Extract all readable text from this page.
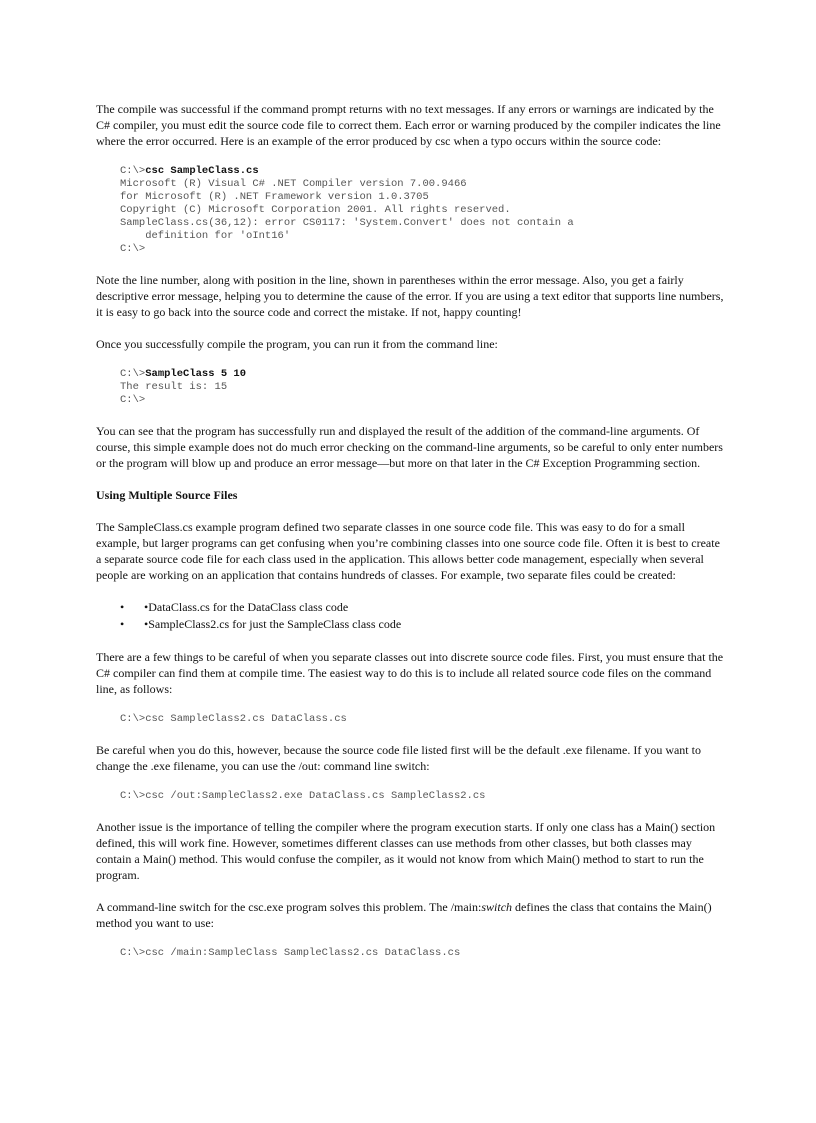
The compile was successful if the command prompt returns with no text messages. If any errors or warnings are indicated by the C# compiler, you must edit the source code file to correct them. Each error or warning produced by the compiler indicates the line where the error occurred. Here is an example of the error produced by csc when a typo occurs within the source code:

C:\>csc SampleClass.cs
Microsoft (R) Visual C# .NET Compiler version 7.00.9466
for Microsoft (R) .NET Framework version 1.0.3705
Copyright (C) Microsoft Corporation 2001. All rights reserved.
SampleClass.cs(36,12): error CS0117: 'System.Convert' does not contain a
definition for 'oInt16'
C:\>

Note the line number, along with position in the line, shown in parentheses within the error message. Also, you get a fairly descriptive error message, helping you to determine the cause of the error. If you are using a text editor that supports line numbers, it is easy to go back into the source code and correct the mistake. If not, happy counting!

Once you successfully compile the program, you can run it from the command line:

C:\>SampleClass 5 10
The result is: 15
C:\>

You can see that the program has successfully run and displayed the result of the addition of the command-line arguments. Of course, this simple example does not do much error checking on the command-line arguments, so be careful to only enter numbers or the program will blow up and produce an error message—but more on that later in the C# Exception Programming section.

Using Multiple Source Files

The SampleClass.cs example program defined two separate classes in one source code file. This was easy to do for a small example, but larger programs can get confusing when you’re combining classes into one source code file. Often it is best to create a separate source code file for each class used in the application. This allows better code management, especially when several people are working on an application that contains hundreds of classes. For example, two separate files could be created:

•	•DataClass.cs for the DataClass class code
•	•SampleClass2.cs for just the SampleClass class code

There are a few things to be careful of when you separate classes out into discrete source code files. First, you must ensure that the C# compiler can find them at compile time. The easiest way to do this is to include all related source code files on the command line, as follows:

C:\>csc SampleClass2.cs DataClass.cs

Be careful when you do this, however, because the source code file listed first will be the default .exe filename. If you want to change the .exe filename, you can use the /out: command line switch:

C:\>csc /out:SampleClass2.exe DataClass.cs SampleClass2.cs

Another issue is the importance of telling the compiler where the program execution starts. If only one class has a Main() section defined, this will work fine. However, sometimes different classes can use methods from other classes, but both classes may contain a Main() method. This would confuse the compiler, as it would not know from which Main() method to start to run the program.

A command-line switch for the csc.exe program solves this problem. The /main:switch defines the class that contains the Main() method you want to use:

C:\>csc /main:SampleClass SampleClass2.cs DataClass.cs
